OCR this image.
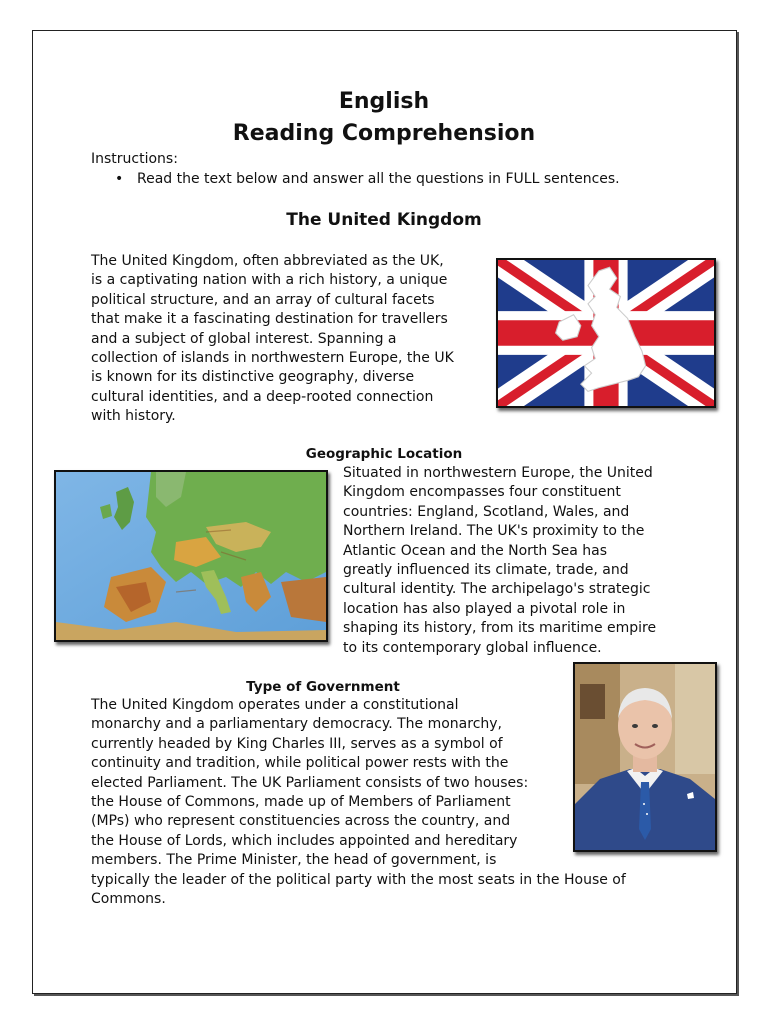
English
Reading Comprehension
Instructions:
• Read the text below and answer all the questions in FULL sentences.
The United Kingdom
The United Kingdom, often abbreviated as the UK,
is a captivating nation with a rich history, a unique
political structure, and an array of cultural facets
that make it a fascinating destination for travellers
and a subject of global interest. Spanning a
collection of islands in northwestern Europe, the UK
is known for its distinctive geography, diverse
cultural identities, and a deep-rooted connection
with history.
Geographic Location
Situated in northwestern Europe, the United
Kingdom encompasses four constituent
countries: England, Scotland, Wales, and
Northern Ireland. The UK's proximity to the
Atlantic Ocean and the North Sea has
greatly influenced its climate, trade, and
cultural identity. The archipelago's strategic
location has also played a pivotal role in
shaping its history, from its maritime empire
to its contemporary global influence.
Type of Government
The United Kingdom operates under a constitutional
monarchy and a parliamentary democracy. The monarchy,
currently headed by King Charles III, serves as a symbol of
continuity and tradition, while political power rests with the
elected Parliament. The UK Parliament consists of two houses:
the House of Commons, made up of Members of Parliament
(MPs) who represent constituencies across the country, and
the House of Lords, which includes appointed and hereditary
members. The Prime Minister, the head of government, is
typically the leader of the political party with the most seats in the House of
Commons.
